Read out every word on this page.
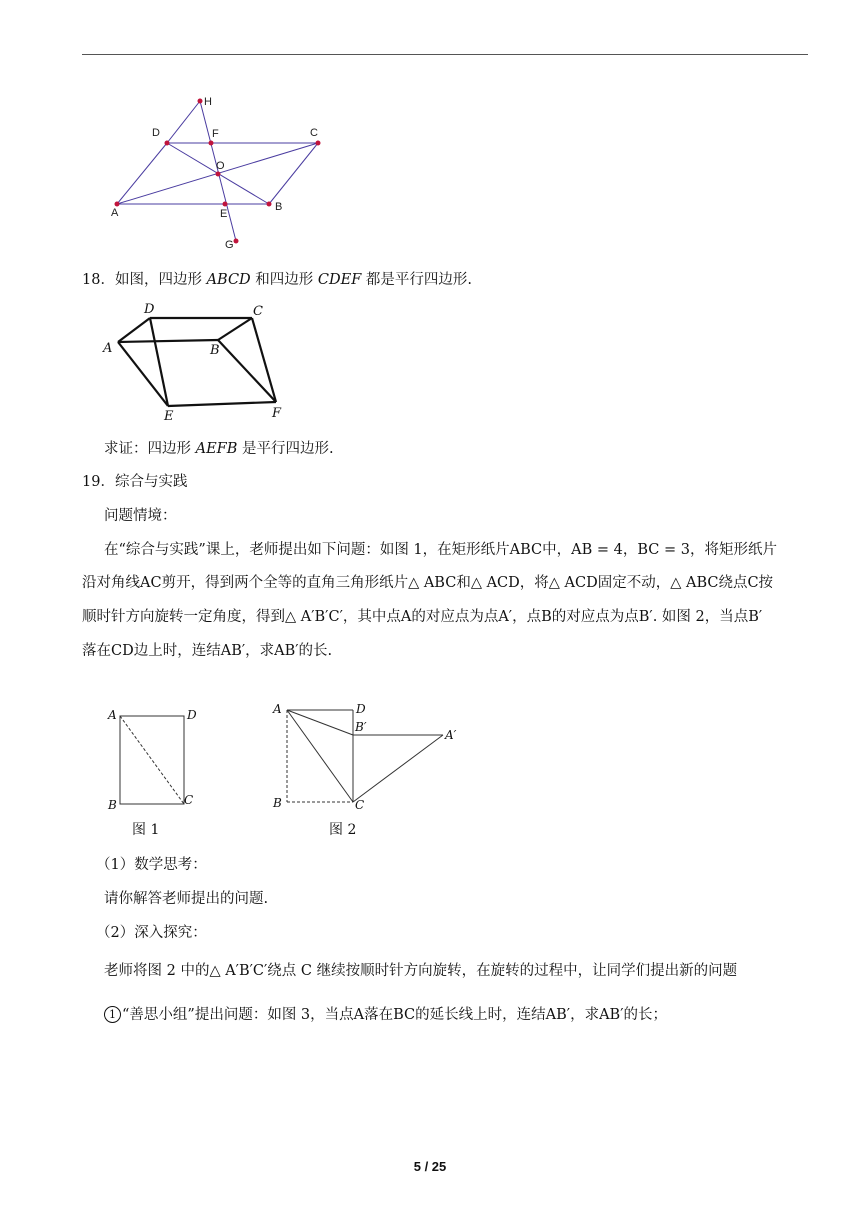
H
D	F	C
O
A	E
B
G
18．如图，四边形 ABCD 和四边形 CDEF 都是平行四边形.
A
D	C
B
E	F
求证：四边形 AEFB 是平行四边形.
19．综合与实践
问题情境：
在“综合与实践”课上，老师提出如下问题：如图 1，在矩形纸片ABC中，AB = 4，BC = 3，将矩形纸片
沿对角线AC剪开，得到两个全等的直角三角形纸片△ ABC和△ ACD，将△ ACD固定不动，△ ABC绕点C按
顺时针方向旋转一定角度，得到△ A′B′C′，其中点A的对应点为点A′，点B的对应点为点B′. 如图 2，当点B′
落在CD边上时，连结AB′，求AB′的长.
A	D
B	C
图 1
A	D
B′
A′
B	C
图 2
（1）数学思考：
请你解答老师提出的问题.
（2）深入探究：
老师将图 2 中的△ A′B′C′绕点 C 继续按顺时针方向旋转，在旋转的过程中，让同学们提出新的问题
1 “善思小组”提出问题：如图 3，当点A落在BC的延长线上时，连结AB′，求AB′的长；
5 / 25
